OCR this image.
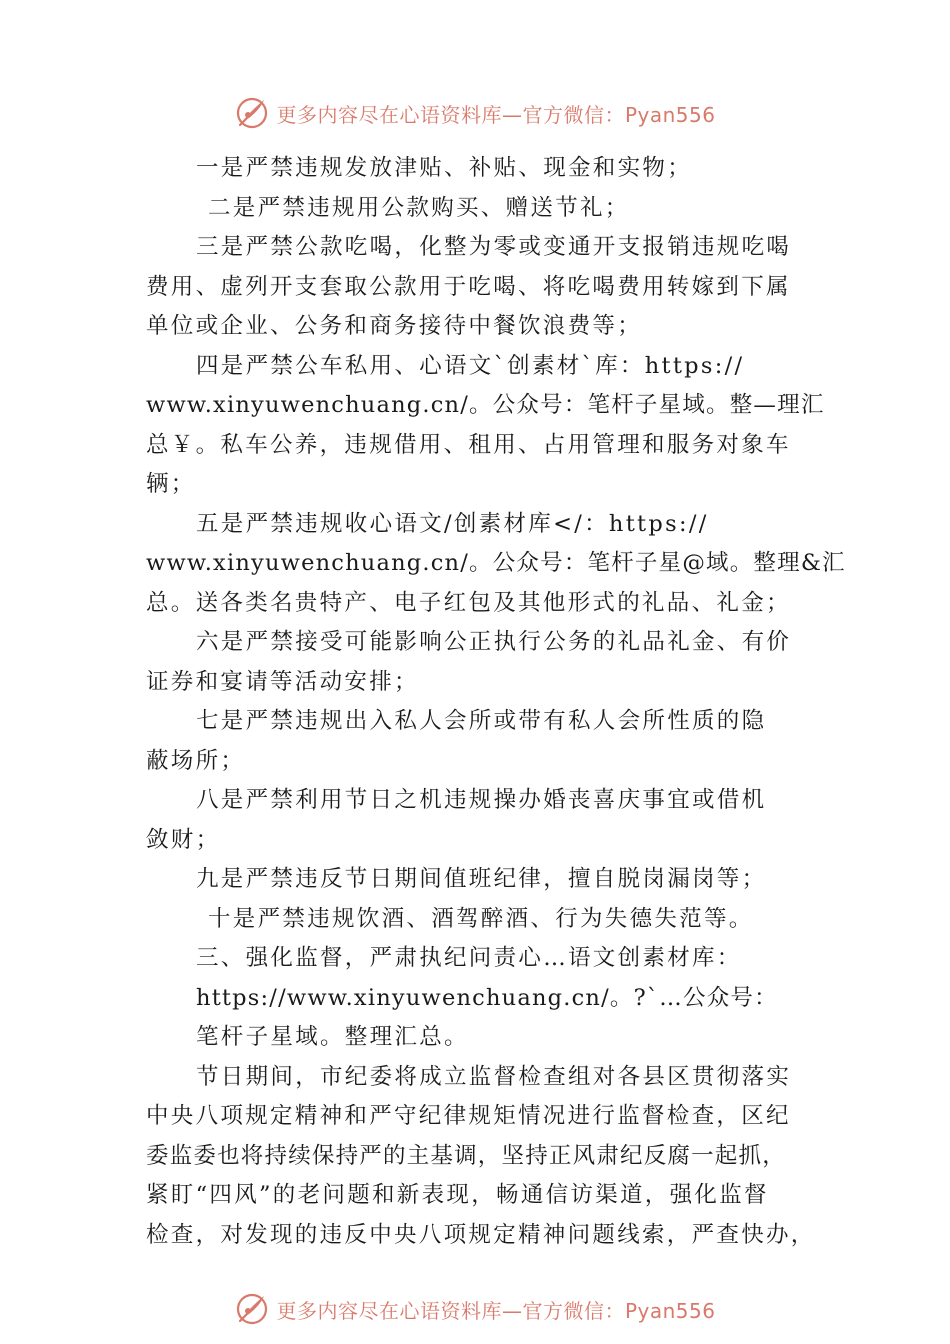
更多内容尽在心语资料库—官方微信：Pyan556
一是严禁违规发放津贴、补贴、现金和实物；
二是严禁违规用公款购买、赠送节礼；
三是严禁公款吃喝，化整为零或变通开支报销违规吃喝
费用、虚列开支套取公款用于吃喝、将吃喝费用转嫁到下属
单位或企业、公务和商务接待中餐饮浪费等；
四是严禁公车私用、心语文`创素材`库：https://
www.xinyuwenchuang.cn/。公众号：笔杆子星域。整—理汇
总￥。私车公养，违规借用、租用、占用管理和服务对象车
辆；
五是严禁违规收心语文/创素材库</：https://
www.xinyuwenchuang.cn/。公众号：笔杆子星@域。整理&汇
总。送各类名贵特产、电子红包及其他形式的礼品、礼金；
六是严禁接受可能影响公正执行公务的礼品礼金、有价
证券和宴请等活动安排；
七是严禁违规出入私人会所或带有私人会所性质的隐
蔽场所；
八是严禁利用节日之机违规操办婚丧喜庆事宜或借机
敛财；
九是严禁违反节日期间值班纪律，擅自脱岗漏岗等；
十是严禁违规饮酒、酒驾醉酒、行为失德失范等。
三、强化监督，严肃执纪问责心…语文创素材库：
https://www.xinyuwenchuang.cn/。?`…公众号：
笔杆子星域。整理汇总。
节日期间，市纪委将成立监督检查组对各县区贯彻落实
中央八项规定精神和严守纪律规矩情况进行监督检查，区纪
委监委也将持续保持严的主基调，坚持正风肃纪反腐一起抓，
紧盯“四风”的老问题和新表现，畅通信访渠道，强化监督
检查，对发现的违反中央八项规定精神问题线索，严查快办，
更多内容尽在心语资料库—官方微信：Pyan556
